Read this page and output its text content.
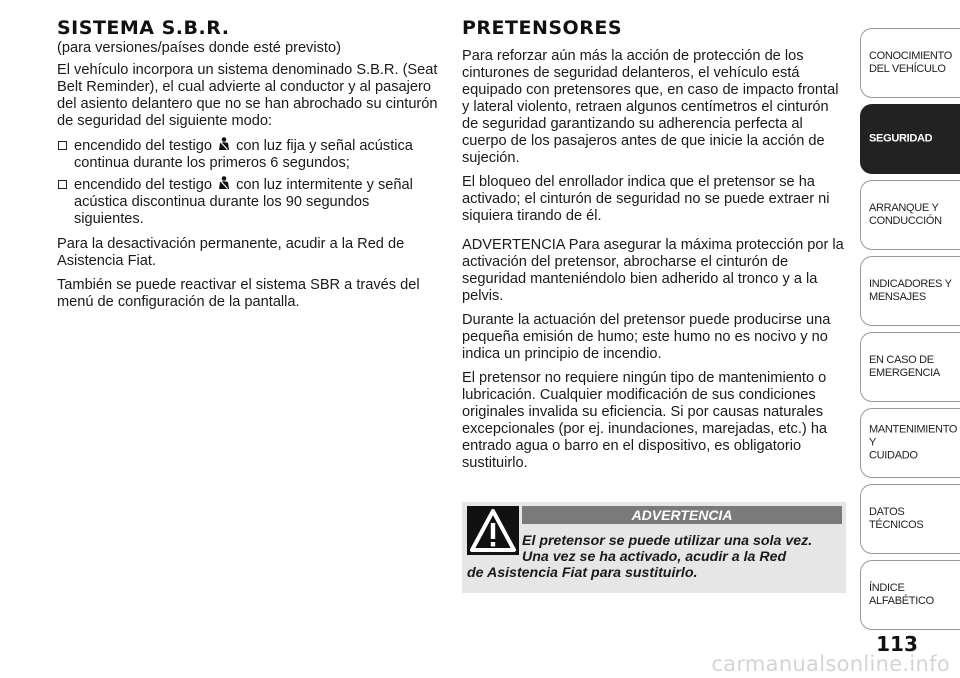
SISTEMA S.B.R.

(para versiones/países donde esté previsto)

El vehículo incorpora un sistema denominado S.B.R. (Seat Belt Reminder), el cual advierte al conductor y al pasajero del asiento delantero que no se han abrochado su cinturón de seguridad del siguiente modo:

encendido del testigo con luz fija y señal acústica continua durante los primeros 6 segundos;
encendido del testigo con luz intermitente y señal acústica discontinua durante los 90 segundos siguientes.

Para la desactivación permanente, acudir a la Red de Asistencia Fiat.

También se puede reactivar el sistema SBR a través del menú de configuración de la pantalla.

PRETENSORES

Para reforzar aún más la acción de protección de los cinturones de seguridad delanteros, el vehículo está equipado con pretensores que, en caso de impacto frontal y lateral violento, retraen algunos centímetros el cinturón de seguridad garantizando su adherencia perfecta al cuerpo de los pasajeros antes de que inicie la acción de sujeción.

El bloqueo del enrollador indica que el pretensor se ha activado; el cinturón de seguridad no se puede extraer ni siquiera tirando de él.

ADVERTENCIA Para asegurar la máxima protección por la activación del pretensor, abrocharse el cinturón de seguridad manteniéndolo bien adherido al tronco y a la pelvis.

Durante la actuación del pretensor puede producirse una pequeña emisión de humo; este humo no es nocivo y no indica un principio de incendio.

El pretensor no requiere ningún tipo de mantenimiento o lubricación. Cualquier modificación de sus condiciones originales invalida su eficiencia. Si por causas naturales excepcionales (por ej. inundaciones, marejadas, etc.) ha entrado agua o barro en el dispositivo, es obligatorio sustituirlo.

ADVERTENCIA
El pretensor se puede utilizar una sola vez.
Una vez se ha activado, acudir a la Red
de Asistencia Fiat para sustituirlo.
CONOCIMIENTO
DEL VEHÍCULO
SEGURIDAD
ARRANQUE Y
CONDUCCIÓN
INDICADORES Y
MENSAJES
EN CASO DE
EMERGENCIA
MANTENIMIENTO Y
CUIDADO
DATOS TÉCNICOS
ÍNDICE ALFABÉTICO
113
carmanualsonline.info
